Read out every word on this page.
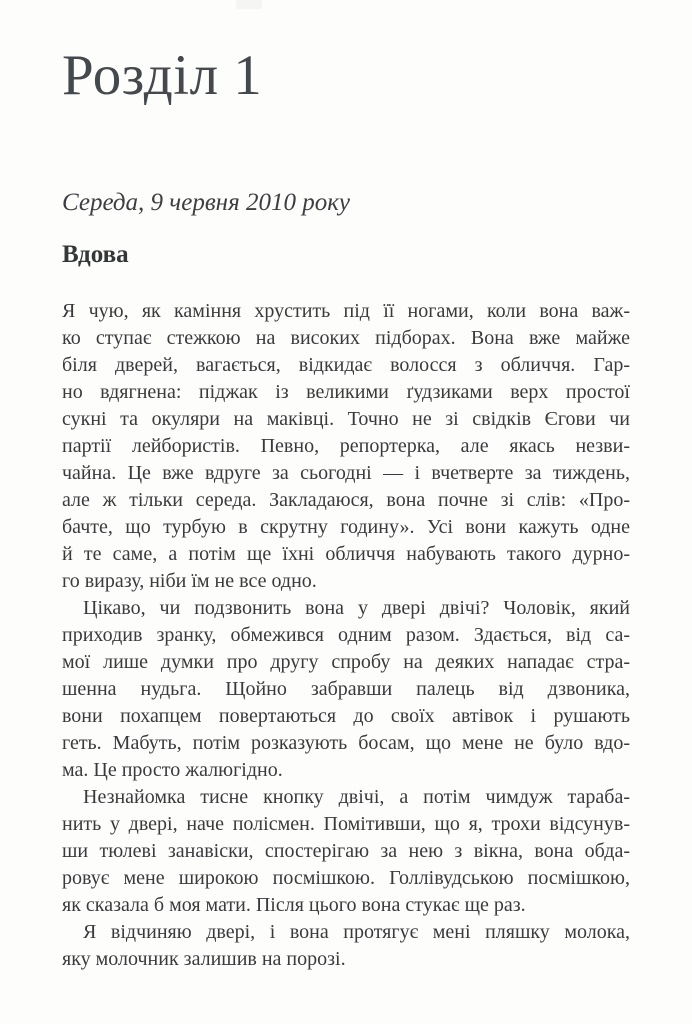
Розділ 1

Середа, 9 червня 2010 року

Вдова

Я чую, як каміння хрустить під її ногами, коли вона важ-
ко ступає стежкою на високих підборах. Вона вже майже
біля дверей, вагається, відкидає волосся з обличчя. Гар-
но вдягнена: піджак із великими ґудзиками верх простої
сукні та окуляри на маківці. Точно не зі свідків Єгови чи
партії лейбористів. Певно, репортерка, але якась незви-
чайна. Це вже вдруге за сьогодні — і вчетверте за тиждень,
але ж тільки середа. Закладаюся, вона почне зі слів: «Про-
бачте, що турбую в скрутну годину». Усі вони кажуть одне
й те саме, а потім ще їхні обличчя набувають такого дурно-
го виразу, ніби їм не все одно.
Цікаво, чи подзвонить вона у двері двічі? Чоловік, який
приходив зранку, обмежився одним разом. Здається, від са-
мої лише думки про другу спробу на деяких нападає стра-
шенна нудьга. Щойно забравши палець від дзвоника,
вони похапцем повертаються до своїх автівок і рушають
геть. Мабуть, потім розказують босам, що мене не було вдо-
ма. Це просто жалюгідно.
Незнайомка тисне кнопку двічі, а потім чимдуж тараба-
нить у двері, наче полісмен. Помітивши, що я, трохи відсунув-
ши тюлеві занавіски, спостерігаю за нею з вікна, вона обда-
ровує мене широкою посмішкою. Голлівудською посмішкою,
як сказала б моя мати. Після цього вона стукає ще раз.
Я відчиняю двері, і вона протягує мені пляшку молока,
яку молочник залишив на порозі.
